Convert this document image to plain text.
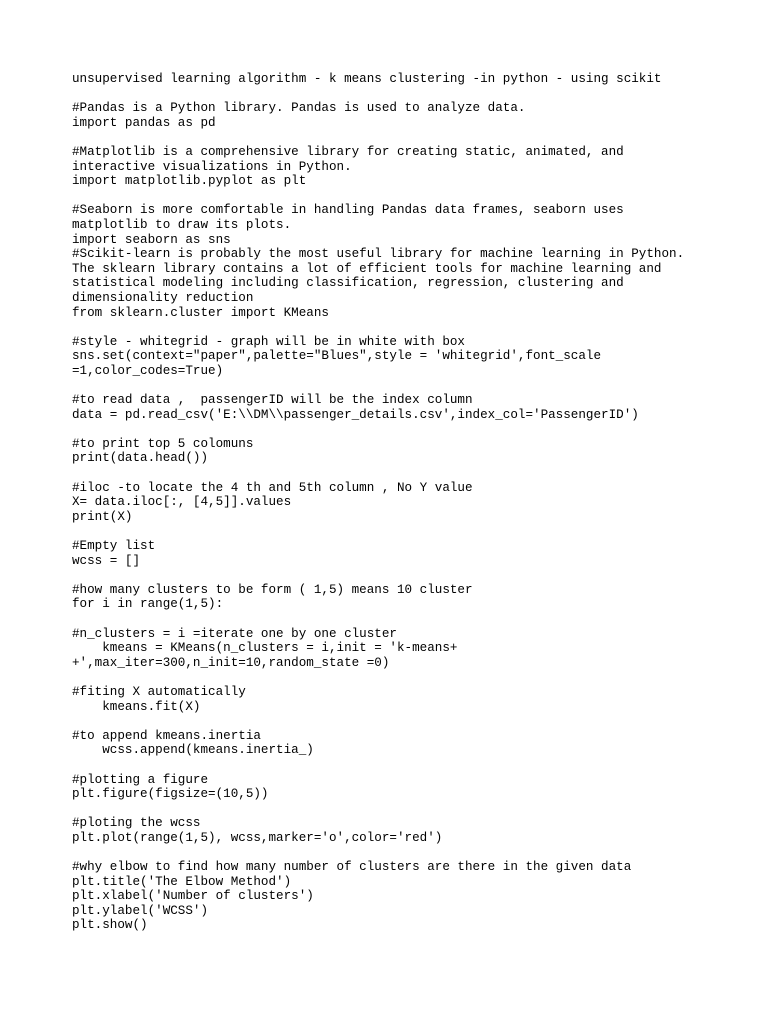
unsupervised learning algorithm - k means clustering -in python - using scikit
#Pandas is a Python library. Pandas is used to analyze data.
import pandas as pd
#Matplotlib is a comprehensive library for creating static, animated, and
interactive visualizations in Python.
import matplotlib.pyplot as plt
#Seaborn is more comfortable in handling Pandas data frames, seaborn uses
matplotlib to draw its plots.
import seaborn as sns
#Scikit-learn is probably the most useful library for machine learning in Python.
The sklearn library contains a lot of efficient tools for machine learning and
statistical modeling including classification, regression, clustering and
dimensionality reduction
from sklearn.cluster import KMeans
#style - whitegrid - graph will be in white with box
sns.set(context="paper",palette="Blues",style = 'whitegrid',font_scale
=1,color_codes=True)
#to read data ,  passengerID will be the index column
data = pd.read_csv('E:\\DM\\passenger_details.csv',index_col='PassengerID')
#to print top 5 colomuns
print(data.head())
#iloc -to locate the 4 th and 5th column , No Y value
X= data.iloc[:, [4,5]].values
print(X)
#Empty list
wcss = []
#how many clusters to be form ( 1,5) means 10 cluster
for i in range(1,5):
#n_clusters = i =iterate one by one cluster
kmeans = KMeans(n_clusters = i,init = 'k-means+
+',max_iter=300,n_init=10,random_state =0)
#fiting X automatically
kmeans.fit(X)
#to append kmeans.inertia
wcss.append(kmeans.inertia_)
#plotting a figure
plt.figure(figsize=(10,5))
#ploting the wcss
plt.plot(range(1,5), wcss,marker='o',color='red')
#why elbow to find how many number of clusters are there in the given data
plt.title('The Elbow Method')
plt.xlabel('Number of clusters')
plt.ylabel('WCSS')
plt.show()
